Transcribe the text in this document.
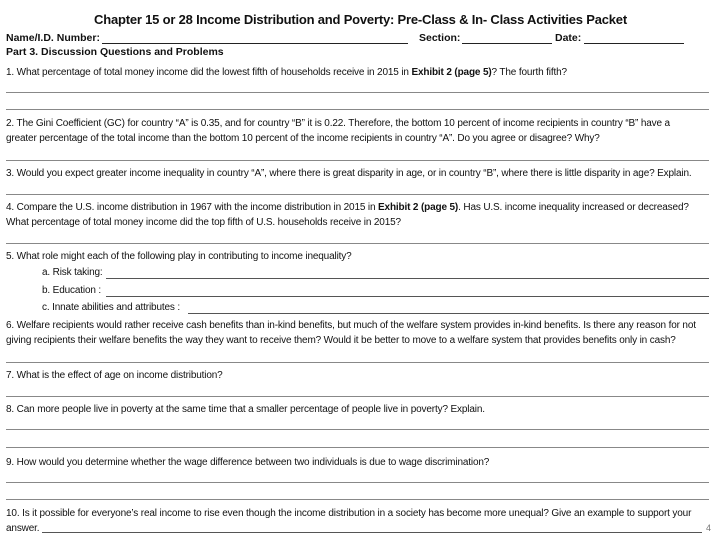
Chapter 15 or 28 Income Distribution and Poverty: Pre-Class & In- Class Activities Packet
Name/I.D. Number:	Section:	Date:
Part 3. Discussion Questions and Problems
1. What percentage of total money income did the lowest fifth of households receive in 2015 in Exhibit 2 (page 5)? The fourth fifth?
2. The Gini Coefficient (GC) for country “A” is 0.35, and for country “B” it is 0.22. Therefore, the bottom 10 percent of income recipients in country “B” have a
greater percentage of the total income than the bottom 10 percent of the income recipients in country “A”. Do you agree or disagree? Why?
3. Would you expect greater income inequality in country “A”, where there is great disparity in age, or in country “B”, where there is little disparity in age? Explain.
4. Compare the U.S. income distribution in 1967 with the income distribution in 2015 in Exhibit 2 (page 5). Has U.S. income inequality increased or decreased?
What percentage of total money income did the top fifth of U.S. households receive in 2015?
5. What role might each of the following play in contributing to income inequality?
a. Risk taking:
b. Education :
c. Innate abilities and attributes :
6. Welfare recipients would rather receive cash benefits than in-kind benefits, but much of the welfare system provides in-kind benefits. Is there any reason for not
giving recipients their welfare benefits the way they want to receive them? Would it be better to move to a welfare system that provides benefits only in cash?
7. What is the effect of age on income distribution?
8. Can more people live in poverty at the same time that a smaller percentage of people live in poverty? Explain.
9. How would you determine whether the wage difference between two individuals is due to wage discrimination?
10. Is it possible for everyone’s real income to rise even though the income distribution in a society has become more unequal? Give an example to support your
answer.	4
